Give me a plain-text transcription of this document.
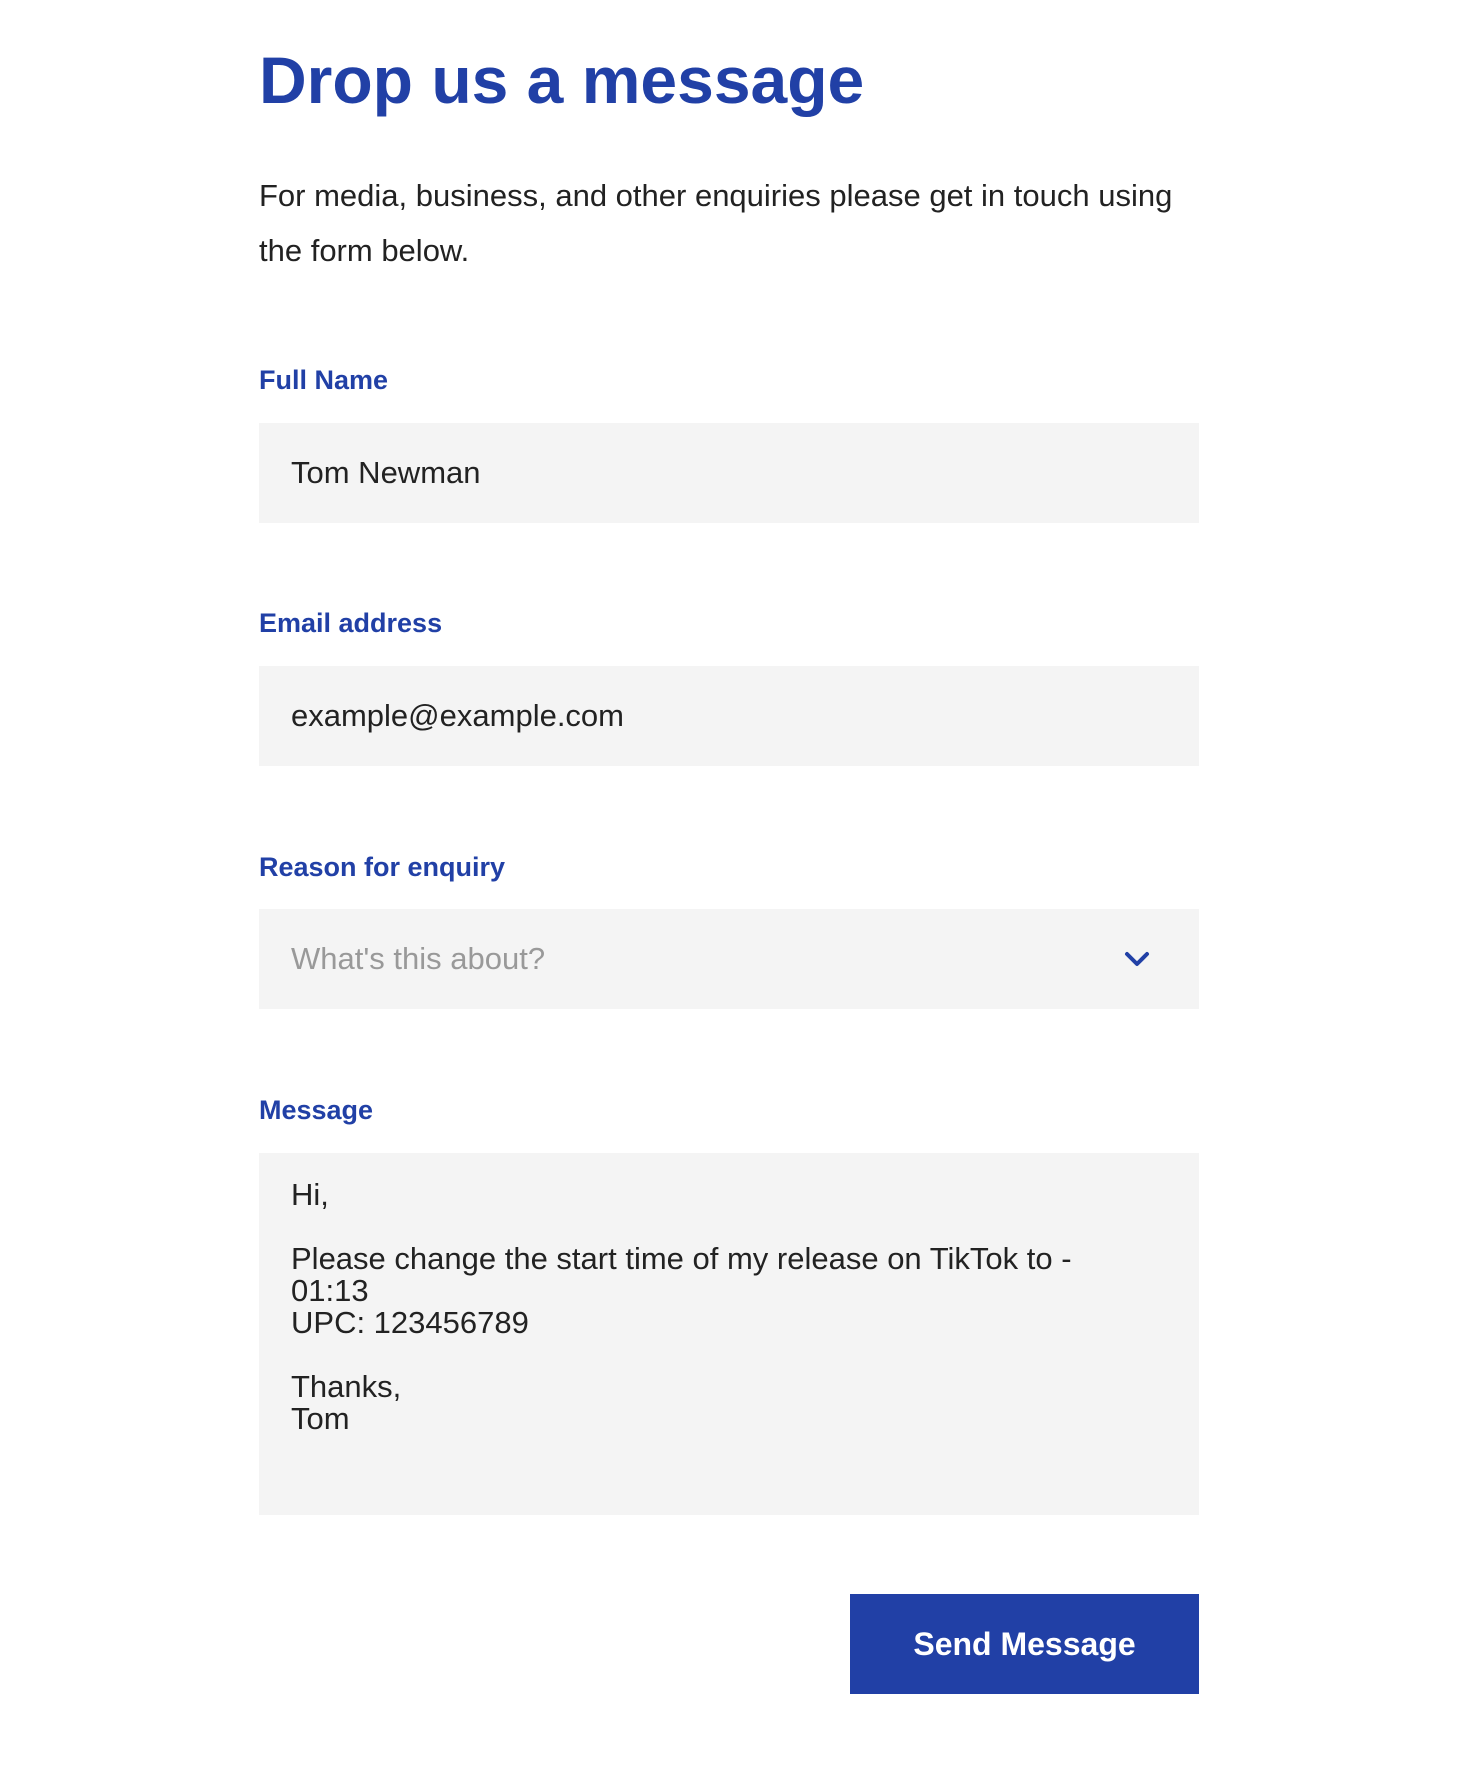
Drop us a message

For media, business, and other enquiries please get in touch using the form below.

Full Name
Tom Newman
Email address
example@example.com
Reason for enquiry
What's this about?
Message
Hi,

Please change the start time of my release on TikTok to -
01:13
UPC: 123456789

Thanks,
Tom
Send Message
